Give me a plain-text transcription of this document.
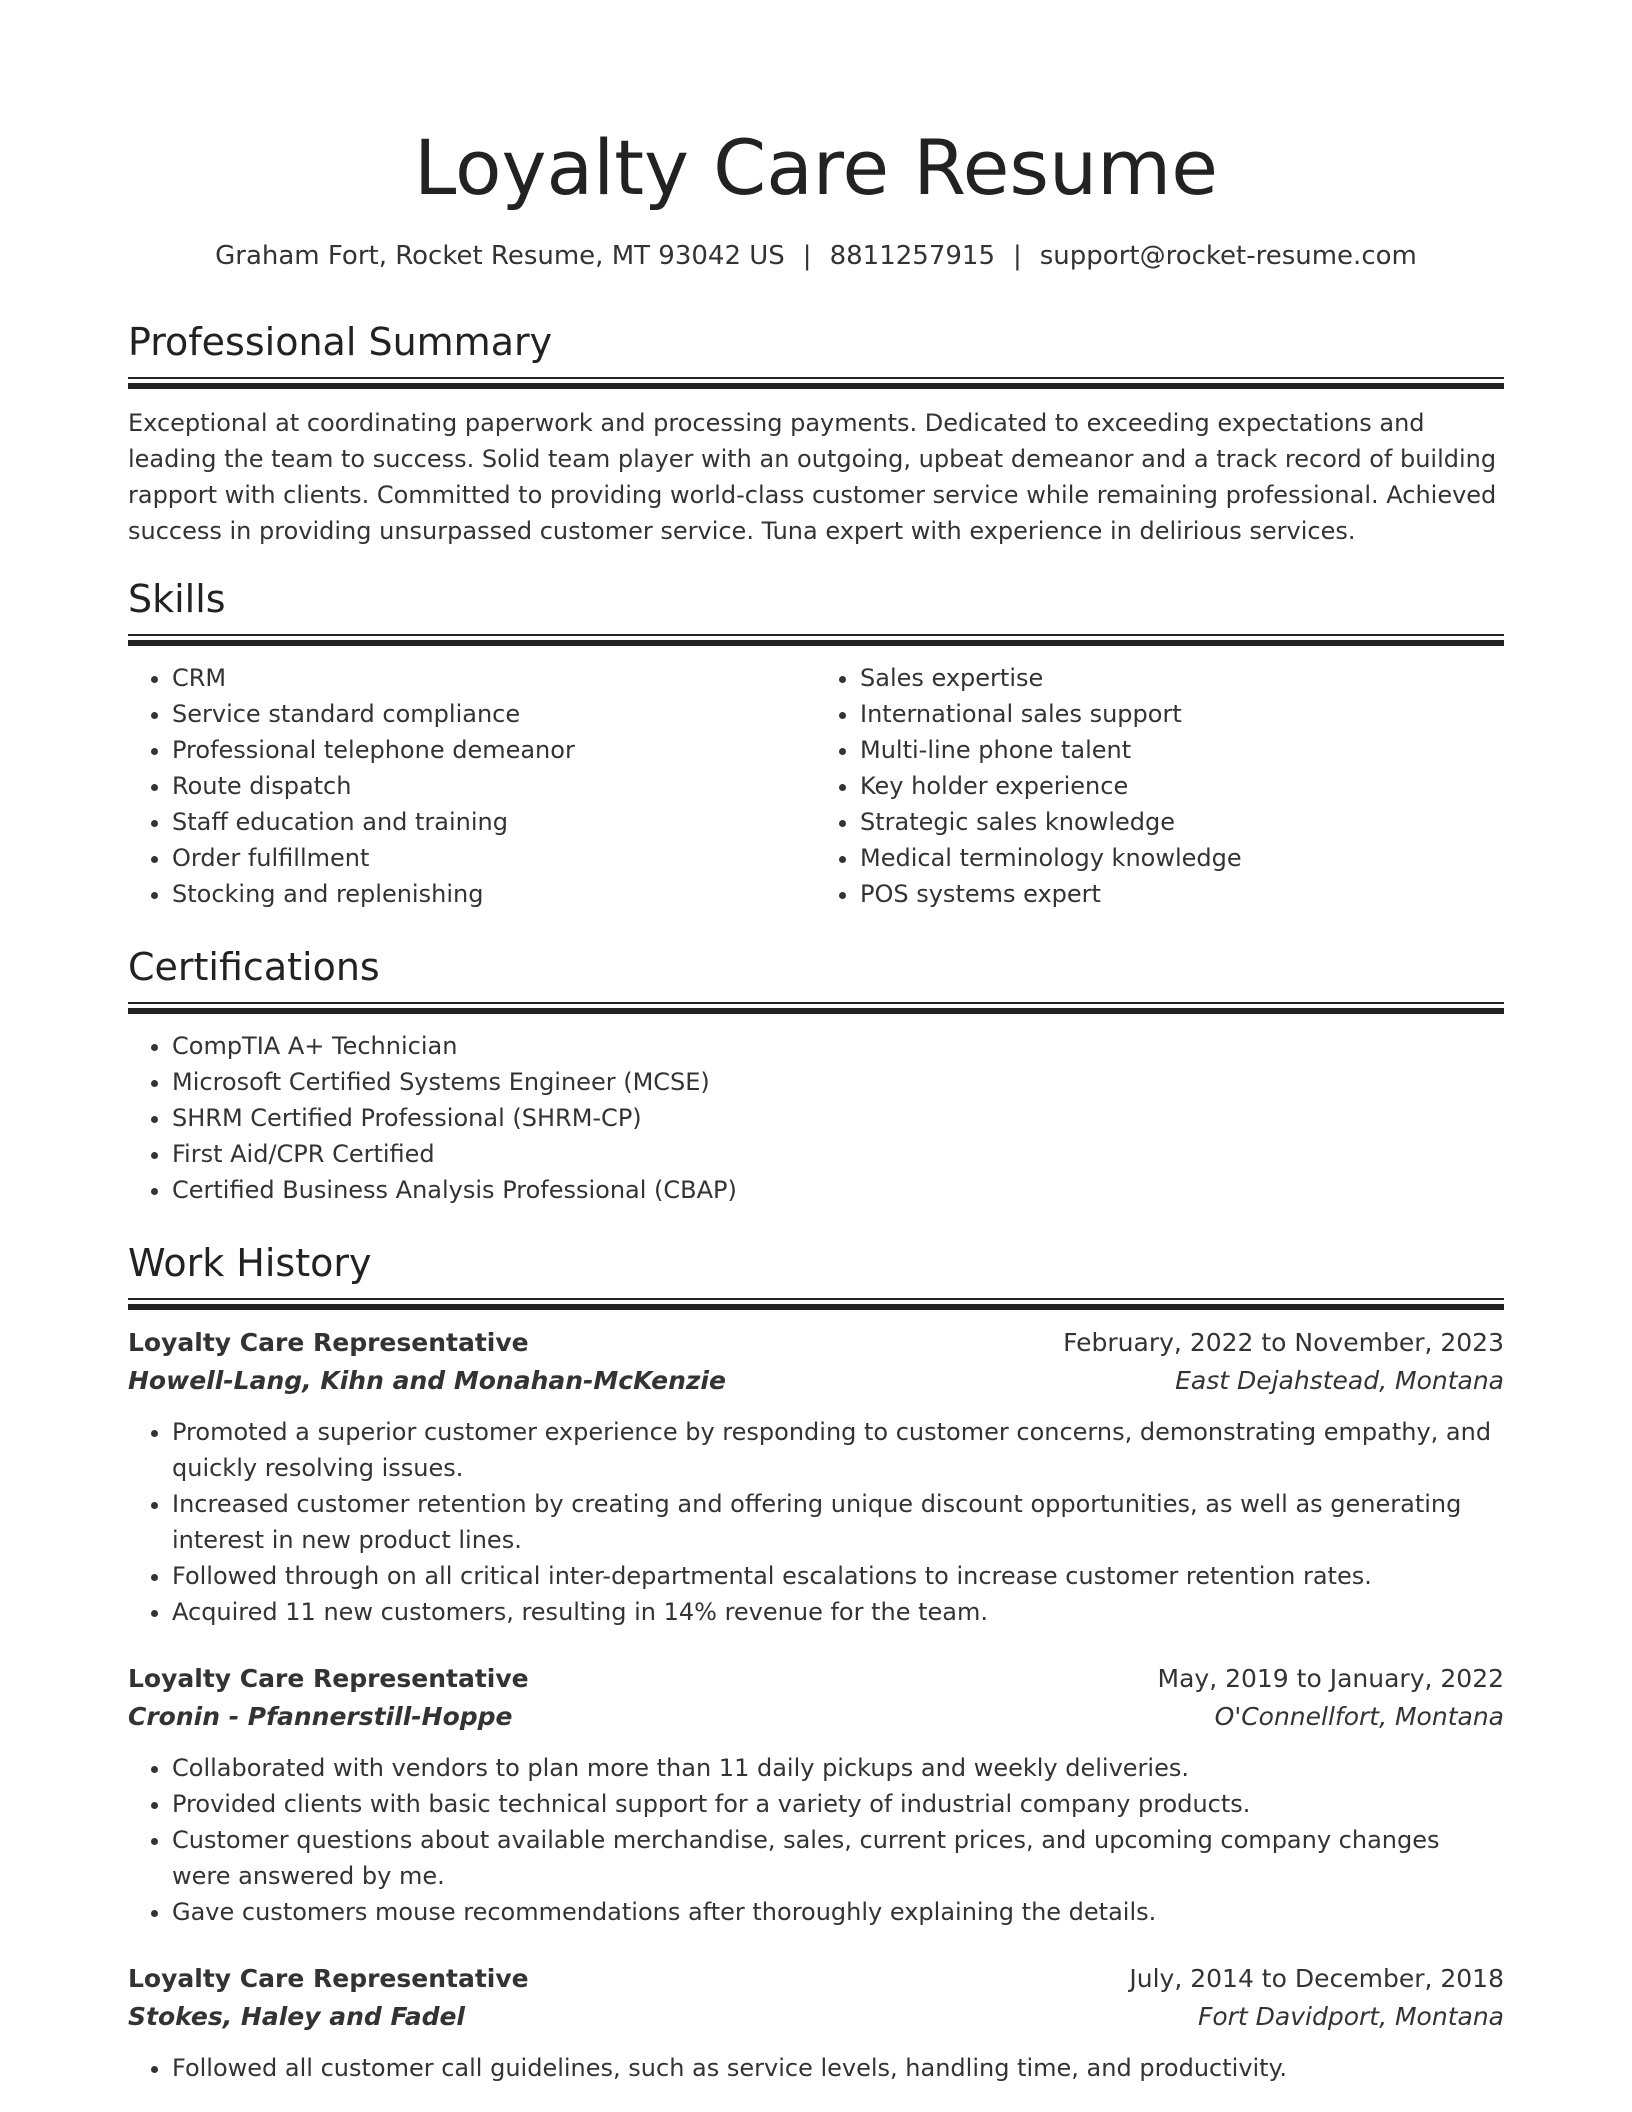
Loyalty Care Resume
Graham Fort, Rocket Resume, MT 93042 US | 8811257915 | support@rocket-resume.com
Professional Summary
Exceptional at coordinating paperwork and processing payments. Dedicated to exceeding expectations and leading the team to success. Solid team player with an outgoing, upbeat demeanor and a track record of building rapport with clients. Committed to providing world-class customer service while remaining professional. Achieved success in providing unsurpassed customer service. Tuna expert with experience in delirious services.
Skills
• CRM
• Service standard compliance
• Professional telephone demeanor
• Route dispatch
• Staff education and training
• Order fulfillment
• Stocking and replenishing
• Sales expertise
• International sales support
• Multi-line phone talent
• Key holder experience
• Strategic sales knowledge
• Medical terminology knowledge
• POS systems expert
Certifications
• CompTIA A+ Technician
• Microsoft Certified Systems Engineer (MCSE)
• SHRM Certified Professional (SHRM-CP)
• First Aid/CPR Certified
• Certified Business Analysis Professional (CBAP)
Work History
Loyalty Care Representative	February, 2022 to November, 2023
Howell-Lang, Kihn and Monahan-McKenzie	East Dejahstead, Montana
• Promoted a superior customer experience by responding to customer concerns, demonstrating empathy, and quickly resolving issues.
• Increased customer retention by creating and offering unique discount opportunities, as well as generating interest in new product lines.
• Followed through on all critical inter-departmental escalations to increase customer retention rates.
• Acquired 11 new customers, resulting in 14% revenue for the team.
Loyalty Care Representative	May, 2019 to January, 2022
Cronin - Pfannerstill-Hoppe	O'Connellfort, Montana
• Collaborated with vendors to plan more than 11 daily pickups and weekly deliveries.
• Provided clients with basic technical support for a variety of industrial company products.
• Customer questions about available merchandise, sales, current prices, and upcoming company changes were answered by me.
• Gave customers mouse recommendations after thoroughly explaining the details.
Loyalty Care Representative	July, 2014 to December, 2018
Stokes, Haley and Fadel	Fort Davidport, Montana
• Followed all customer call guidelines, such as service levels, handling time, and productivity.
